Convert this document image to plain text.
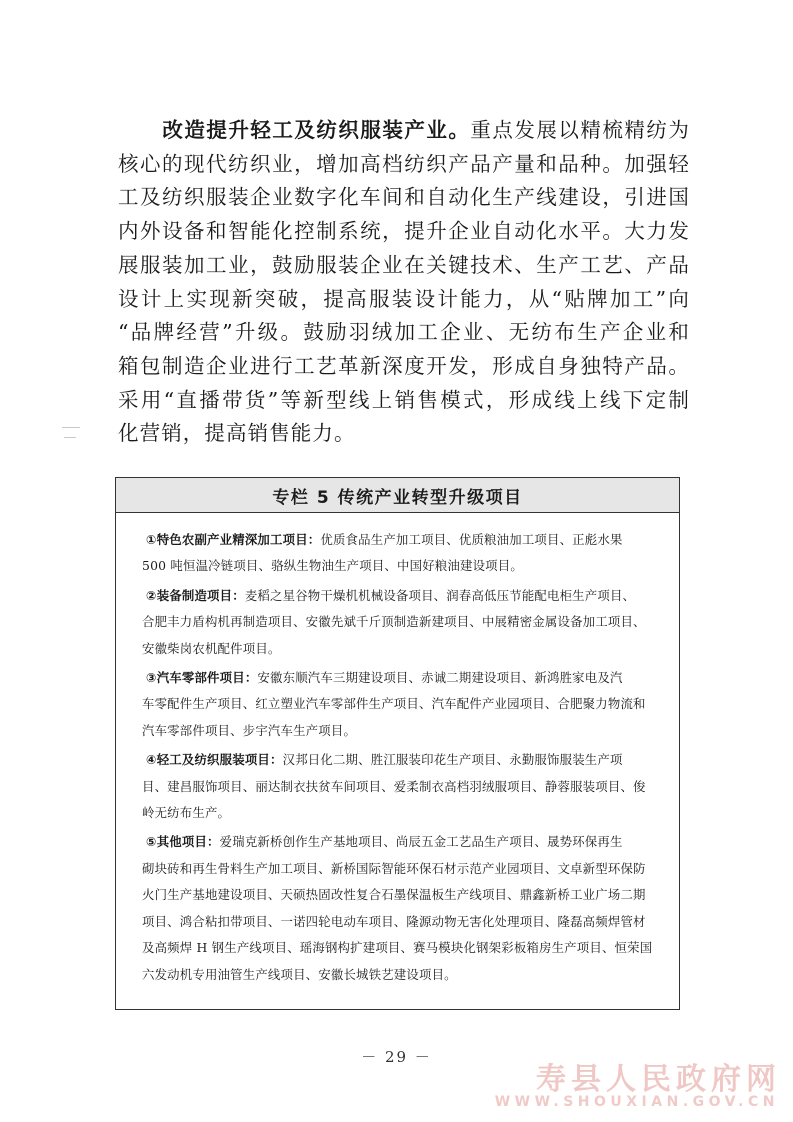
改造提升轻工及纺织服装产业。重点发展以精梳精纺为
核心的现代纺织业，增加高档纺织产品产量和品种。加强轻
工及纺织服装企业数字化车间和自动化生产线建设，引进国
内外设备和智能化控制系统，提升企业自动化水平。大力发
展服装加工业，鼓励服装企业在关键技术、生产工艺、产品
设计上实现新突破，提高服装设计能力，从“贴牌加工”向
“品牌经营”升级。鼓励羽绒加工企业、无纺布生产企业和
箱包制造企业进行工艺革新深度开发，形成自身独特产品。
采用“直播带货”等新型线上销售模式，形成线上线下定制
化营销，提高销售能力。
专栏 5 传统产业转型升级项目
①特色农副产业精深加工项目：优质食品生产加工项目、优质粮油加工项目、正彪水果
500 吨恒温冷链项目、骆纵生物油生产项目、中国好粮油建设项目。
②装备制造项目：麦稻之星谷物干燥机机械设备项目、润春高低压节能配电柜生产项目、
合肥丰力盾构机再制造项目、安徽先斌千斤顶制造新建项目、中展精密金属设备加工项目、
安徽柴岗农机配件项目。
③汽车零部件项目：安徽东顺汽车三期建设项目、赤诚二期建设项目、新鸿胜家电及汽
车零配件生产项目、红立塑业汽车零部件生产项目、汽车配件产业园项目、合肥聚力物流和
汽车零部件项目、步宇汽车生产项目。
④轻工及纺织服装项目：汉邦日化二期、胜江服装印花生产项目、永勤服饰服装生产项
目、建昌服饰项目、丽达制衣扶贫车间项目、爱柔制衣高档羽绒服项目、静蓉服装项目、俊
岭无纺布生产。
⑤其他项目：爱瑞克新桥创作生产基地项目、尚辰五金工艺品生产项目、晟势环保再生
砌块砖和再生骨料生产加工项目、新桥国际智能环保石材示范产业园项目、文卓新型环保防
火门生产基地建设项目、天硕热固改性复合石墨保温板生产线项目、鼎鑫新桥工业广场二期
项目、鸿合粘扣带项目、一诺四轮电动车项目、隆源动物无害化处理项目、隆磊高频焊管材
及高频焊 H 钢生产线项目、瑶海钢构扩建项目、赛马模块化钢架彩板箱房生产项目、恒荣国
六发动机专用油管生产线项目、安徽长城铁艺建设项目。
－ 29 －
寿县人民政府网
WWW.SHOUXIAN.GOV.CN
